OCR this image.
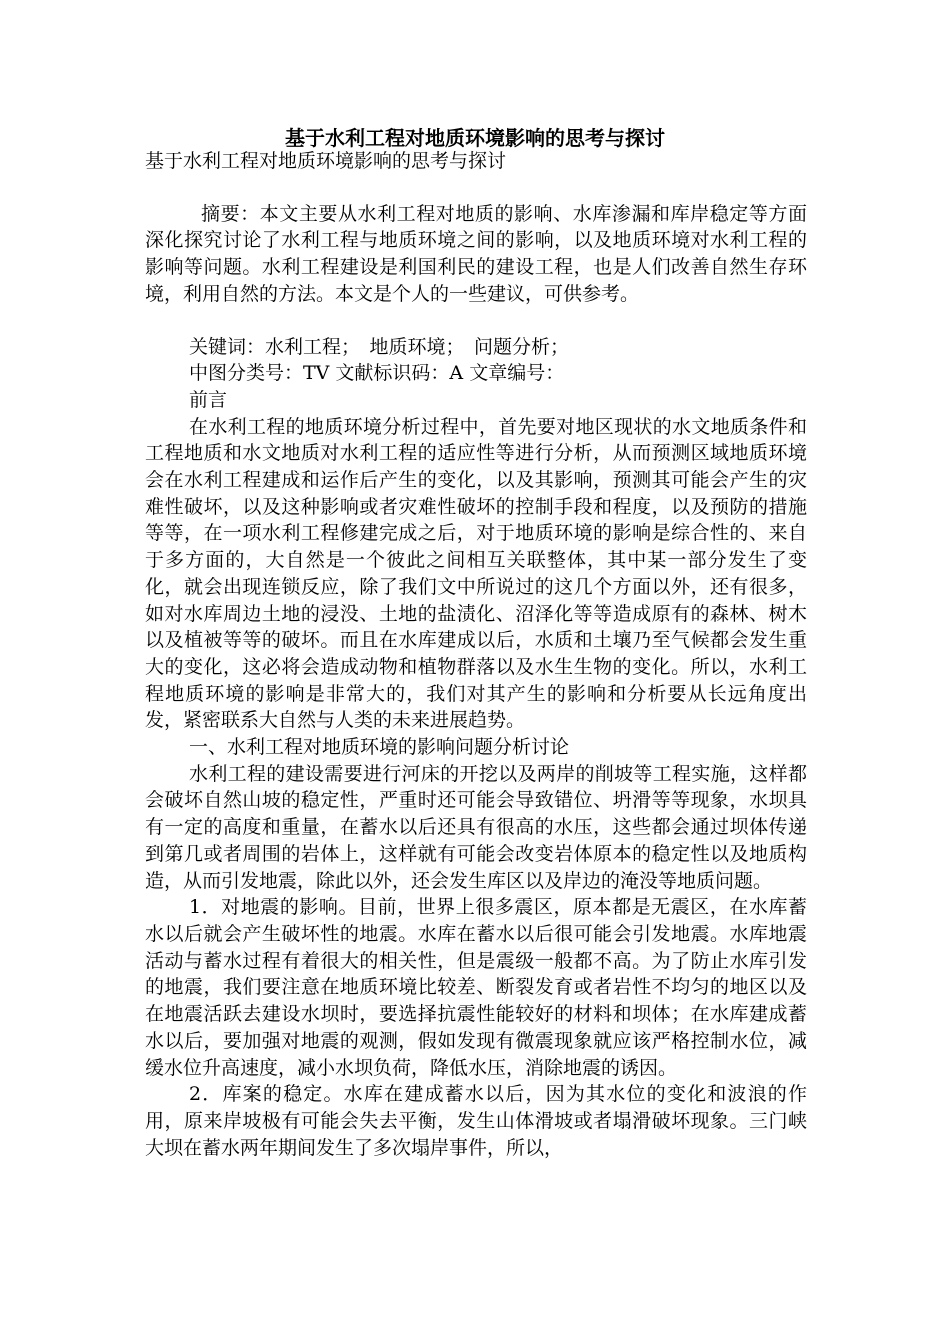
基于水利工程对地质环境影响的思考与探讨

基于水利工程对地质环境影响的思考与探讨

摘要：本文主要从水利工程对地质的影响、水库渗漏和库岸稳定等方面深化探究讨论了水利工程与地质环境之间的影响，以及地质环境对水利工程的影响等问题。水利工程建设是利国利民的建设工程，也是人们改善自然生存环境，利用自然的方法。本文是个人的一些建议，可供参考。

关键词：水利工程；　地质环境；　问题分析；

中图分类号：TV 文献标识码：A 文章编号：

前言

在水利工程的地质环境分析过程中，首先要对地区现状的水文地质条件和工程地质和水文地质对水利工程的适应性等进行分析，从而预测区域地质环境会在水利工程建成和运作后产生的变化，以及其影响，预测其可能会产生的灾难性破坏，以及这种影响或者灾难性破坏的控制手段和程度，以及预防的措施等等，在一项水利工程修建完成之后，对于地质环境的影响是综合性的、来自于多方面的，大自然是一个彼此之间相互关联整体，其中某一部分发生了变化，就会出现连锁反应，除了我们文中所说过的这几个方面以外，还有很多，如对水库周边土地的浸没、土地的盐渍化、沼泽化等等造成原有的森林、树木以及植被等等的破坏。而且在水库建成以后，水质和土壤乃至气候都会发生重大的变化，这必将会造成动物和植物群落以及水生生物的变化。所以，水利工程地质环境的影响是非常大的，我们对其产生的影响和分析要从长远角度出发，紧密联系大自然与人类的未来进展趋势。

一、水利工程对地质环境的影响问题分析讨论

水利工程的建设需要进行河床的开挖以及两岸的削坡等工程实施，这样都会破坏自然山坡的稳定性，严重时还可能会导致错位、坍滑等等现象，水坝具有一定的高度和重量，在蓄水以后还具有很高的水压，这些都会通过坝体传递到第几或者周围的岩体上，这样就有可能会改变岩体原本的稳定性以及地质构造，从而引发地震，除此以外，还会发生库区以及岸边的淹没等地质问题。

1．对地震的影响。目前，世界上很多震区，原本都是无震区，在水库蓄水以后就会产生破坏性的地震。水库在蓄水以后很可能会引发地震。水库地震活动与蓄水过程有着很大的相关性，但是震级一般都不高。为了防止水库引发的地震，我们要注意在地质环境比较差、断裂发育或者岩性不均匀的地区以及在地震活跃去建设水坝时，要选择抗震性能较好的材料和坝体；在水库建成蓄水以后，要加强对地震的观测，假如发现有微震现象就应该严格控制水位，减缓水位升高速度，减小水坝负荷，降低水压，消除地震的诱因。

2．库案的稳定。水库在建成蓄水以后，因为其水位的变化和波浪的作用，原来岸坡极有可能会失去平衡，发生山体滑坡或者塌滑破坏现象。三门峡大坝在蓄水两年期间发生了多次塌岸事件，所以，
